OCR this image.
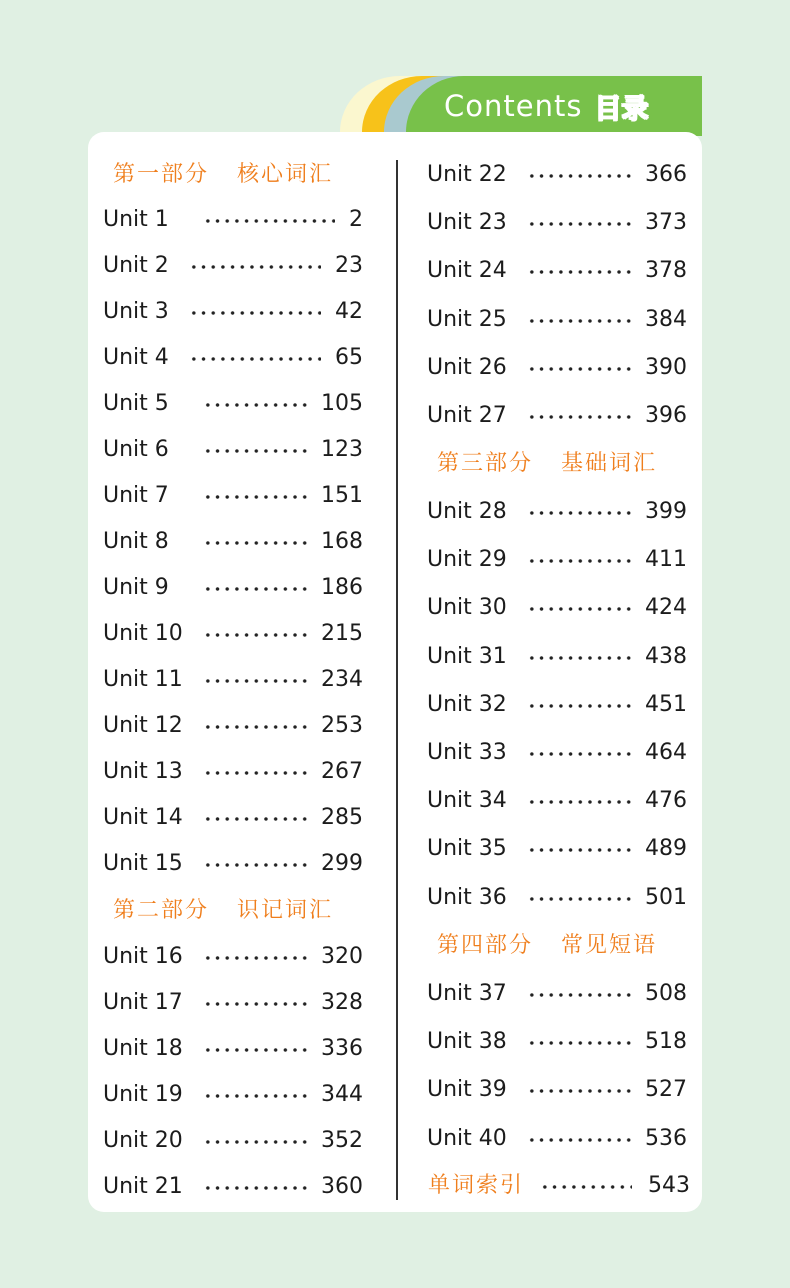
Contents 目录
第一部分 核心词汇
第二部分 识记词汇
第三部分 基础词汇
第四部分 常见短语
单词索引	543
Unit 1	2
Unit 2	23
Unit 3	42
Unit 4	65
Unit 5	105
Unit 6	123
Unit 7	151
Unit 8	168
Unit 9	186
Unit 10	215
Unit 11	234
Unit 12	253
Unit 13	267
Unit 14	285
Unit 15	299
Unit 16	320
Unit 17	328
Unit 18	336
Unit 19	344
Unit 20	352
Unit 21	360
Unit 22	366
Unit 23	373
Unit 24	378
Unit 25	384
Unit 26	390
Unit 27	396
Unit 28	399
Unit 29	411
Unit 30	424
Unit 31	438
Unit 32	451
Unit 33	464
Unit 34	476
Unit 35	489
Unit 36	501
Unit 37	508
Unit 38	518
Unit 39	527
Unit 40	536
